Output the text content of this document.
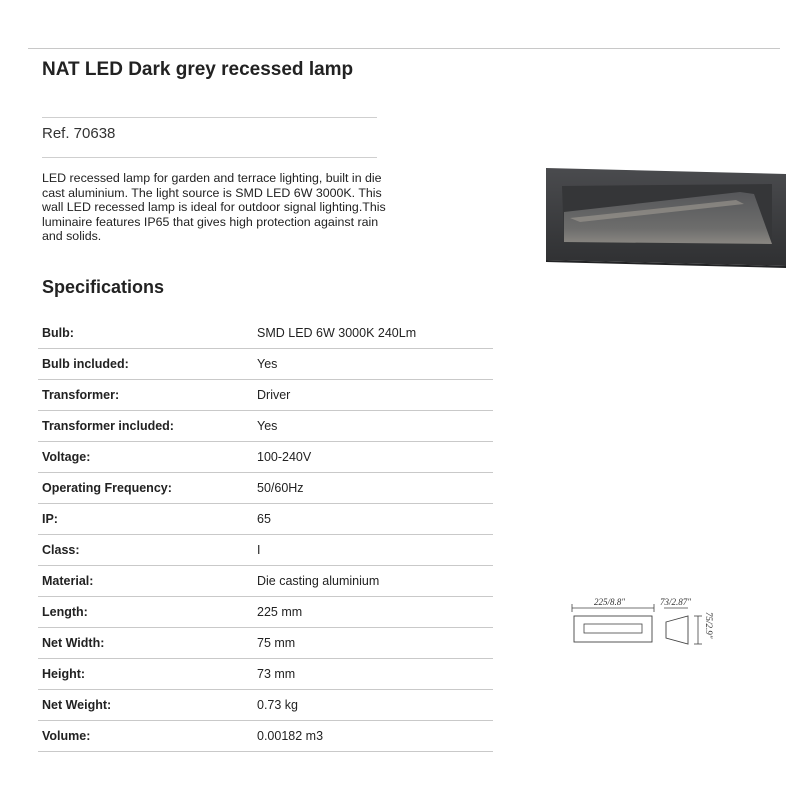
NAT LED Dark grey recessed lamp
Ref. 70638

LED recessed lamp for garden and terrace lighting, built in die cast aluminium. The light source is SMD LED 6W 3000K. This wall LED recessed lamp is ideal for outdoor signal lighting.This luminaire features IP65 that gives high protection against rain and solids.

Specifications
Bulb:	SMD LED 6W 3000K 240Lm
Bulb included:	Yes
Transformer:	Driver
Transformer included:	Yes
Voltage:	100-240V
Operating Frequency:	50/60Hz
IP:	65
Class:	I
Material:	Die casting aluminium
Length:	225 mm
Net Width:	75 mm
Height:	73 mm
Net Weight:	0.73 kg
Volume:	0.00182 m3
225/8.8"	73/2.87"
75/2.9"
